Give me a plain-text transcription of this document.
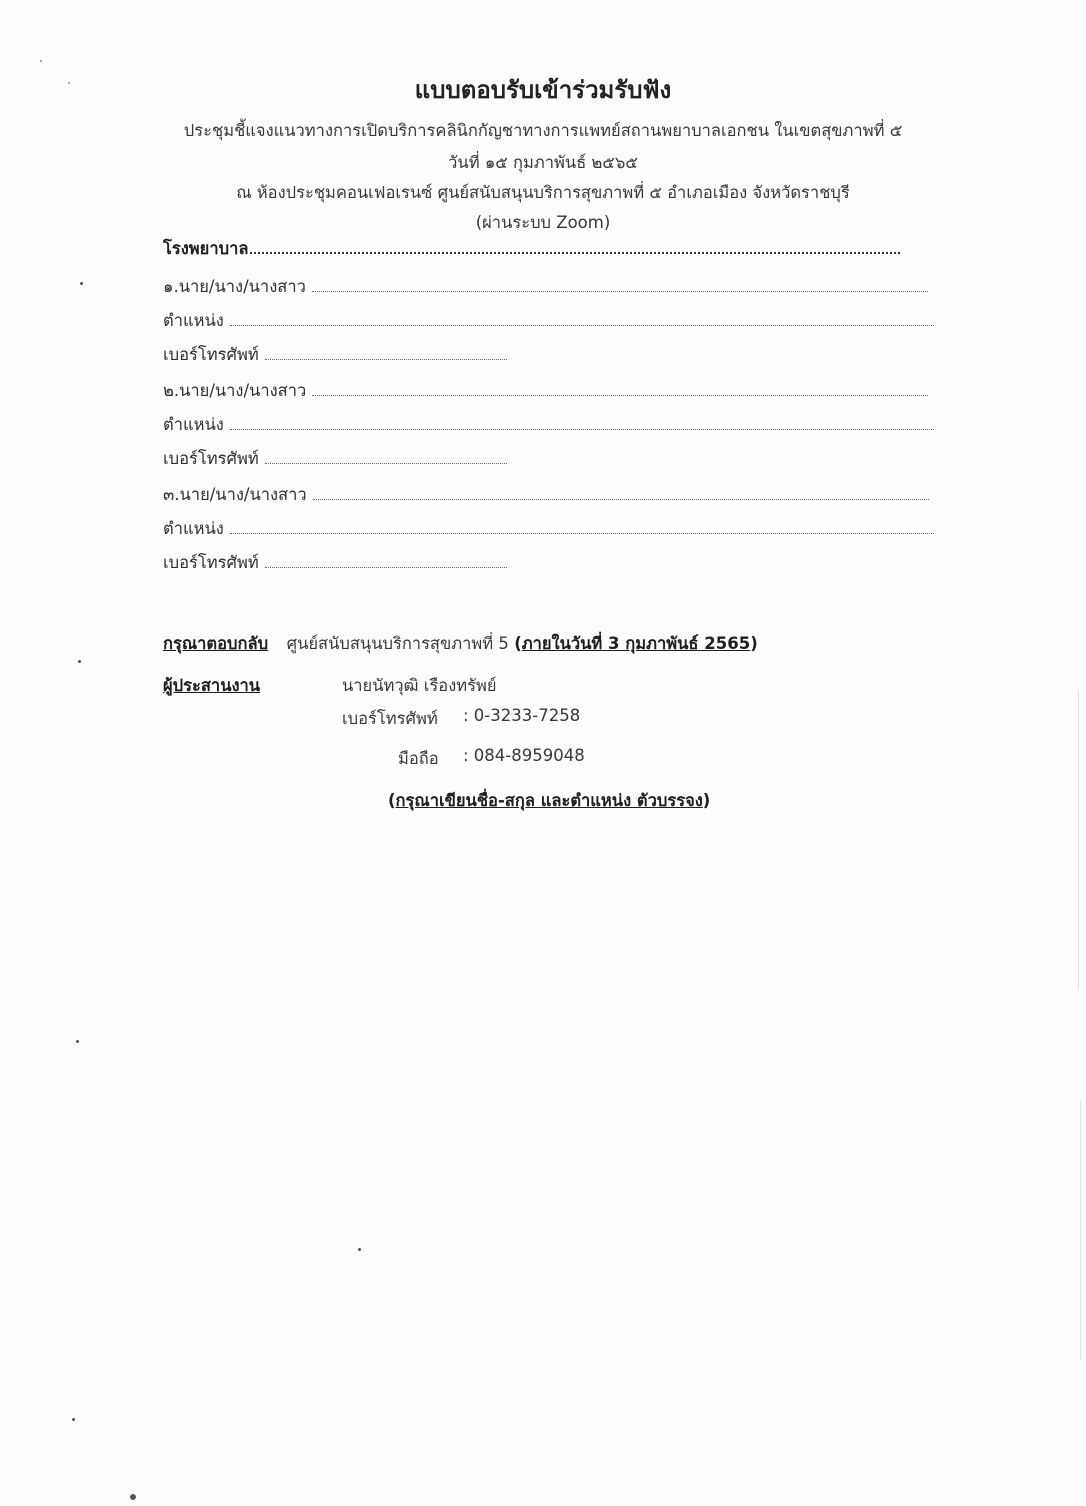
แบบตอบรับเข้าร่วมรับฟัง
ประชุมชี้แจงแนวทางการเปิดบริการคลินิกกัญชาทางการแพทย์สถานพยาบาลเอกชน ในเขตสุขภาพที่ ๕
วันที่ ๑๕ กุมภาพันธ์ ๒๕๖๕
ณ ห้องประชุมคอนเฟอเรนซ์ ศูนย์สนับสนุนบริการสุขภาพที่ ๕ อำเภอเมือง จังหวัดราชบุรี
(ผ่านระบบ Zoom)
โรงพยาบาล
๑.นาย/นาง/นางสาว
ตำแหน่ง
เบอร์โทรศัพท์
๒.นาย/นาง/นางสาว
ตำแหน่ง
เบอร์โทรศัพท์
๓.นาย/นาง/นางสาว
ตำแหน่ง
เบอร์โทรศัพท์
กรุณาตอบกลับ ศูนย์สนับสนุนบริการสุขภาพที่ 5 (ภายในวันที่ 3 กุมภาพันธ์ 2565)
ผู้ประสานงาน	นายนัทวุฒิ เรืองทรัพย์
เบอร์โทรศัพท์ : 0-3233-7258
มือถือ : 084-8959048
(กรุณาเขียนชื่อ-สกุล และตำแหน่ง ตัวบรรจง)
